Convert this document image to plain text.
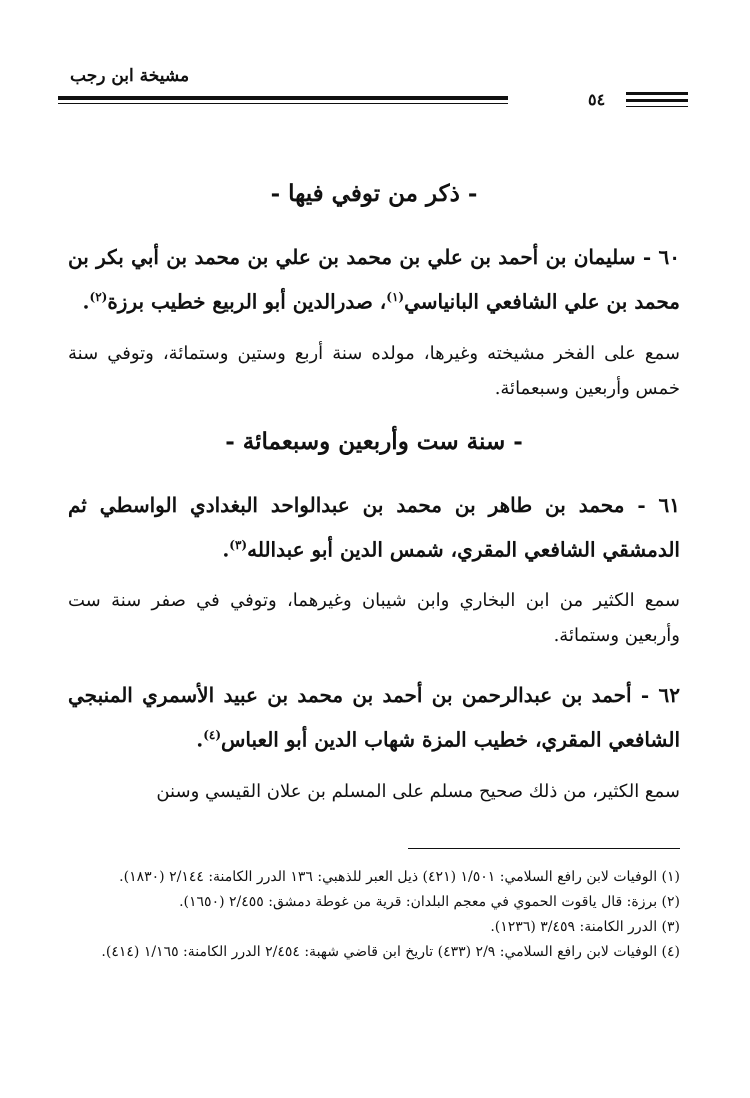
مشيخة ابن رجب
٥٤

- ذكر من توفي فيها -

٦٠ - سليمان بن أحمد بن علي بن محمد بن علي بن محمد بن أبي بكر بن محمد بن علي الشافعي البانياسي$^{(١)}$، صدرالدين أبو الربيع خطيب برزة$^{(٢)}$.

سمع على الفخر مشيخته وغيرها، مولده سنة أربع وستين وستمائة، وتوفي سنة خمس وأربعين وسبعمائة.

- سنة ست وأربعين وسبعمائة -

٦١ - محمد بن طاهر بن محمد بن عبدالواحد البغدادي الواسطي ثم الدمشقي الشافعي المقري، شمس الدين أبو عبدالله$^{(٣)}$.

سمع الكثير من ابن البخاري وابن شيبان وغيرهما، وتوفي في صفر سنة ست وأربعين وستمائة.

٦٢ - أحمد بن عبدالرحمن بن أحمد بن محمد بن عبيد الأسمري المنبجي الشافعي المقري، خطيب المزة شهاب الدين أبو العباس$^{(٤)}$.

سمع الكثير، من ذلك صحيح مسلم على المسلم بن علان القيسي وسنن

(١) الوفيات لابن رافع السلامي: ١/٥٠١ (٤٢١) ذيل العبر للذهبي: ١٣٦ الدرر الكامنة: ٢/١٤٤ (١٨٣٠).

(٢) برزة: قال ياقوت الحموي في معجم البلدان: قرية من غوطة دمشق: ٢/٤٥٥ (١٦٥٠).

(٣) الدرر الكامنة: ٣/٤٥٩ (١٢٣٦).

(٤) الوفيات لابن رافع السلامي: ٢/٩ (٤٣٣) تاريخ ابن قاضي شهبة: ٢/٤٥٤ الدرر الكامنة: ١/١٦٥ (٤١٤).
